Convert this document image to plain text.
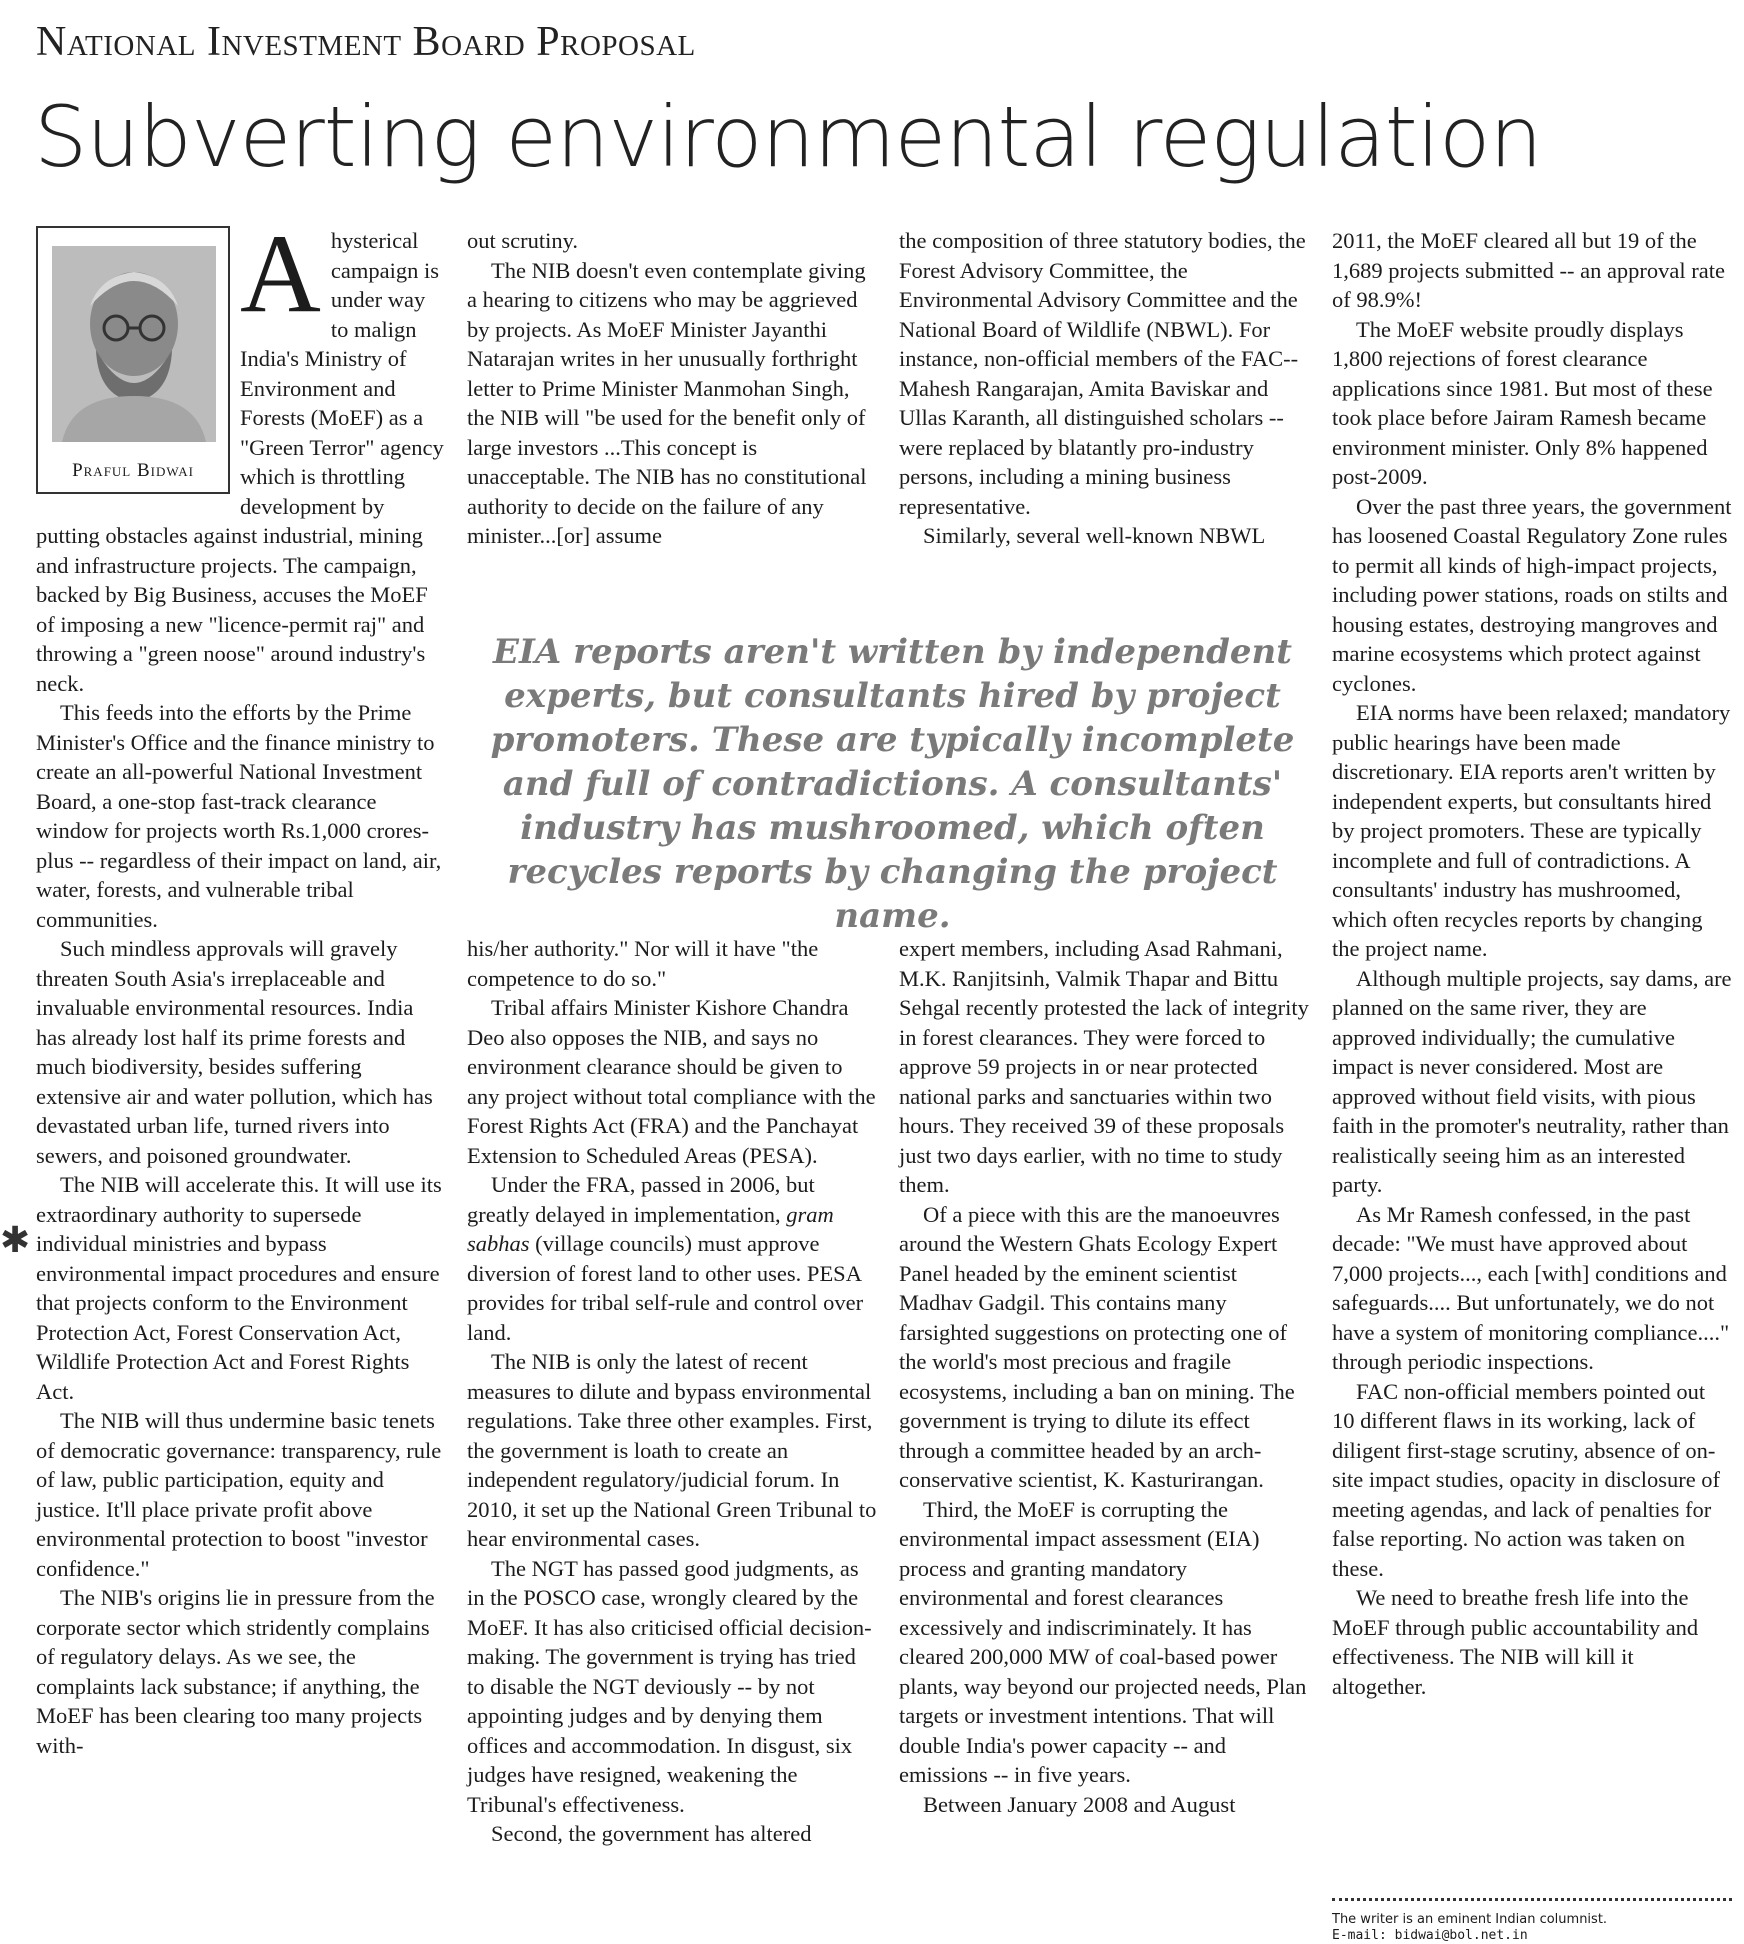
National Investment Board Proposal
Subverting environmental regulation
✱

Ahysterical campaign is under way to malign India's Ministry of Environment and Forests (MoEF) as a "Green Terror" agency which is throttling development by putting obstacles against industrial, mining and infrastructure projects. The campaign, backed by Big Business, accuses the MoEF of imposing a new "licence-permit raj" and throwing a "green noose" around industry's neck.

This feeds into the efforts by the Prime Minister's Office and the finance ministry to create an all-powerful National Investment Board, a one-stop fast-track clearance window for projects worth Rs.1,000 crores-plus -- regardless of their impact on land, air, water, forests, and vulnerable tribal communities.

Such mindless approvals will gravely threaten South Asia's irreplaceable and invaluable environmental resources. India has already lost half its prime forests and much biodiversity, besides suffering extensive air and water pollution, which has devastated urban life, turned rivers into sewers, and poisoned groundwater.

The NIB will accelerate this. It will use its extraordinary authority to supersede individual ministries and bypass environmental impact procedures and ensure that projects conform to the Environment Protection Act, Forest Conservation Act, Wildlife Protection Act and Forest Rights Act.

The NIB will thus undermine basic tenets of democratic governance: transparency, rule of law, public participation, equity and justice. It'll place private profit above environmental protection to boost "investor confidence."

The NIB's origins lie in pressure from the corporate sector which stridently complains of regulatory delays. As we see, the complaints lack substance; if anything, the MoEF has been clearing too many projects with-

Praful Bidwai

out scrutiny.

The NIB doesn't even contemplate giving a hearing to citizens who may be aggrieved by projects. As MoEF Minister Jayanthi Natarajan writes in her unusually forthright letter to Prime Minister Manmohan Singh, the NIB will "be used for the benefit only of large investors ...This concept is unacceptable. The NIB has no constitutional authority to decide on the failure of any minister...[or] assume

the composition of three statutory bodies, the Forest Advisory Committee, the Environmental Advisory Committee and the National Board of Wildlife (NBWL). For instance, non-official members of the FAC--Mahesh Rangarajan, Amita Baviskar and Ullas Karanth, all distinguished scholars -- were replaced by blatantly pro-industry persons, including a mining business representative.

Similarly, several well-known NBWL

EIA reports aren't written by independent experts, but consultants hired by project promoters. These are typically incomplete and full of contradictions. A consultants' industry has mushroomed, which often recycles reports by changing the project name.

his/her authority." Nor will it have "the competence to do so."

Tribal affairs Minister Kishore Chandra Deo also opposes the NIB, and says no environment clearance should be given to any project without total compliance with the Forest Rights Act (FRA) and the Panchayat Extension to Scheduled Areas (PESA).

Under the FRA, passed in 2006, but greatly delayed in implementation, gram sabhas (village councils) must approve diversion of forest land to other uses. PESA provides for tribal self-rule and control over land.

The NIB is only the latest of recent measures to dilute and bypass environmental regulations. Take three other examples. First, the government is loath to create an independent regulatory/judicial forum. In 2010, it set up the National Green Tribunal to hear environmental cases.

The NGT has passed good judgments, as in the POSCO case, wrongly cleared by the MoEF. It has also criticised official decision-making. The government is trying has tried to disable the NGT deviously -- by not appointing judges and by denying them offices and accommodation. In disgust, six judges have resigned, weakening the Tribunal's effectiveness.

Second, the government has altered

expert members, including Asad Rahmani, M.K. Ranjitsinh, Valmik Thapar and Bittu Sehgal recently protested the lack of integrity in forest clearances. They were forced to approve 59 projects in or near protected national parks and sanctuaries within two hours. They received 39 of these proposals just two days earlier, with no time to study them.

Of a piece with this are the manoeuvres around the Western Ghats Ecology Expert Panel headed by the eminent scientist Madhav Gadgil. This contains many farsighted suggestions on protecting one of the world's most precious and fragile ecosystems, including a ban on mining. The government is trying to dilute its effect through a committee headed by an arch-conservative scientist, K. Kasturirangan.

Third, the MoEF is corrupting the environmental impact assessment (EIA) process and granting mandatory environmental and forest clearances excessively and indiscriminately. It has cleared 200,000 MW of coal-based power plants, way beyond our projected needs, Plan targets or investment intentions. That will double India's power capacity -- and emissions -- in five years.

Between January 2008 and August

2011, the MoEF cleared all but 19 of the 1,689 projects submitted -- an approval rate of 98.9%!

The MoEF website proudly displays 1,800 rejections of forest clearance applications since 1981. But most of these took place before Jairam Ramesh became environment minister. Only 8% happened post-2009.

Over the past three years, the government has loosened Coastal Regulatory Zone rules to permit all kinds of high-impact projects, including power stations, roads on stilts and housing estates, destroying mangroves and marine ecosystems which protect against cyclones.

EIA norms have been relaxed; mandatory public hearings have been made discretionary. EIA reports aren't written by independent experts, but consultants hired by project promoters. These are typically incomplete and full of contradictions. A consultants' industry has mushroomed, which often recycles reports by changing the project name.

Although multiple projects, say dams, are planned on the same river, they are approved individually; the cumulative impact is never considered. Most are approved without field visits, with pious faith in the promoter's neutrality, rather than realistically seeing him as an interested party.

As Mr Ramesh confessed, in the past decade: "We must have approved about 7,000 projects..., each [with] conditions and safeguards.... But unfortunately, we do not have a system of monitoring compliance...." through periodic inspections.

FAC non-official members pointed out 10 different flaws in its working, lack of diligent first-stage scrutiny, absence of on-site impact studies, opacity in disclosure of meeting agendas, and lack of penalties for false reporting. No action was taken on these.

We need to breathe fresh life into the MoEF through public accountability and effectiveness. The NIB will kill it altogether.

The writer is an eminent Indian columnist.
E-mail: bidwai@bol.net.in
